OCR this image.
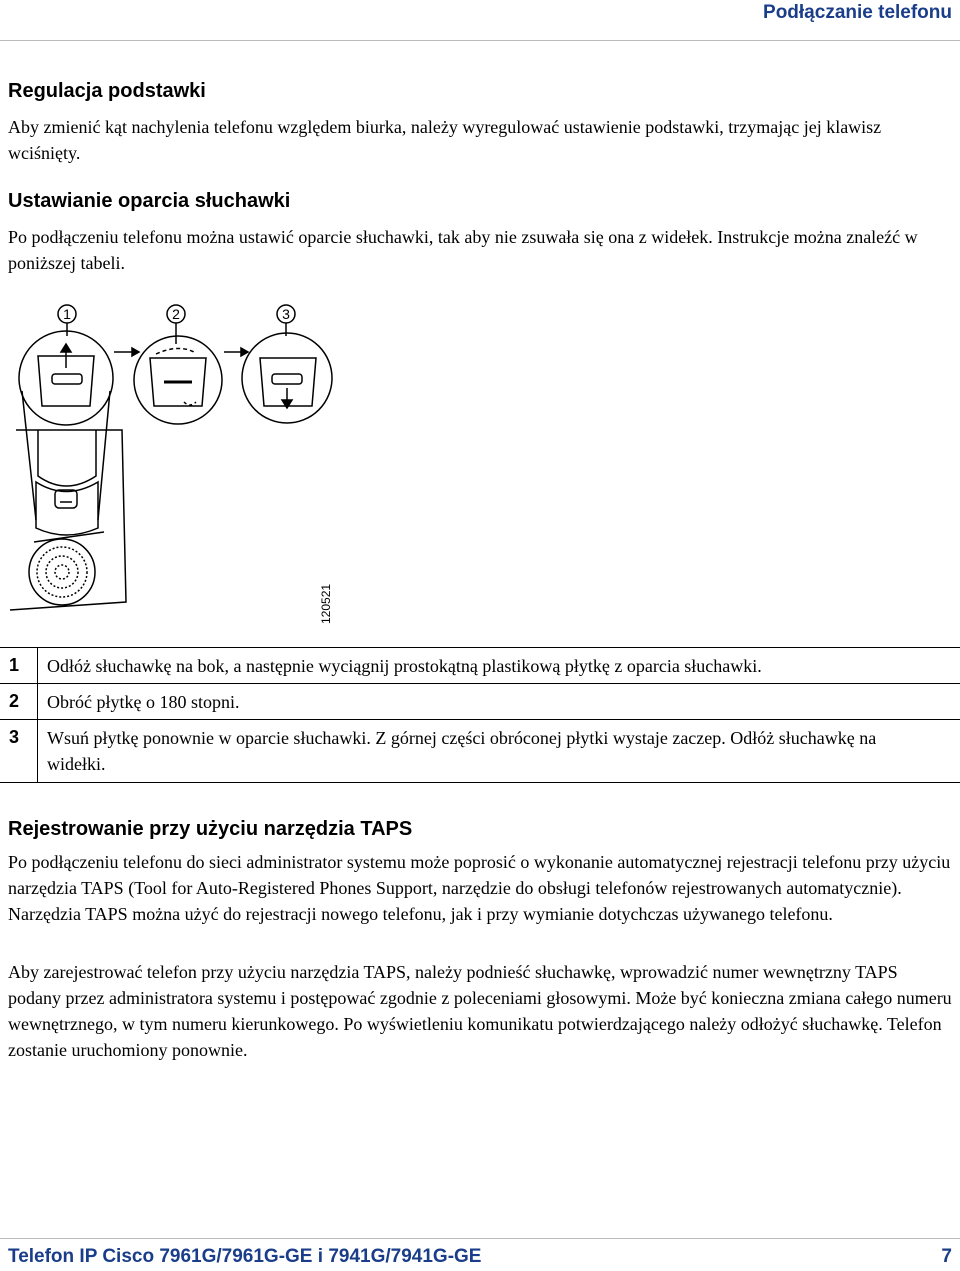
Podłączanie telefonu
Regulacja podstawki

Aby zmienić kąt nachylenia telefonu względem biurka, należy wyregulować ustawienie podstawki, trzymając jej klawisz wciśnięty.

Ustawianie oparcia słuchawki

Po podłączeniu telefonu można ustawić oparcie słuchawki, tak aby nie zsuwała się ona z widełek. Instrukcje można znaleźć w poniższej tabeli.

1	2	3
120521
1 Odłóż słuchawkę na bok, a następnie wyciągnij prostokątną plastikową płytkę z oparcia słuchawki.
2 Obróć płytkę o 180 stopni.
3 Wsuń płytkę ponownie w oparcie słuchawki. Z górnej części obróconej płytki wystaje zaczep. Odłóż słuchawkę na widełki.
Rejestrowanie przy użyciu narzędzia TAPS

Po podłączeniu telefonu do sieci administrator systemu może poprosić o wykonanie automatycznej rejestracji telefonu przy użyciu narzędzia TAPS (Tool for Auto-Registered Phones Support, narzędzie do obsługi telefonów rejestrowanych automatycznie). Narzędzia TAPS można użyć do rejestracji nowego telefonu, jak i przy wymianie dotychczas używanego telefonu.

Aby zarejestrować telefon przy użyciu narzędzia TAPS, należy podnieść słuchawkę, wprowadzić numer wewnętrzny TAPS podany przez administratora systemu i postępować zgodnie z poleceniami głosowymi. Może być konieczna zmiana całego numeru wewnętrznego, w tym numeru kierunkowego. Po wyświetleniu komunikatu potwierdzającego należy odłożyć słuchawkę. Telefon zostanie uruchomiony ponownie.

Telefon IP Cisco 7961G/7961G-GE i 7941G/7941G-GE	7
